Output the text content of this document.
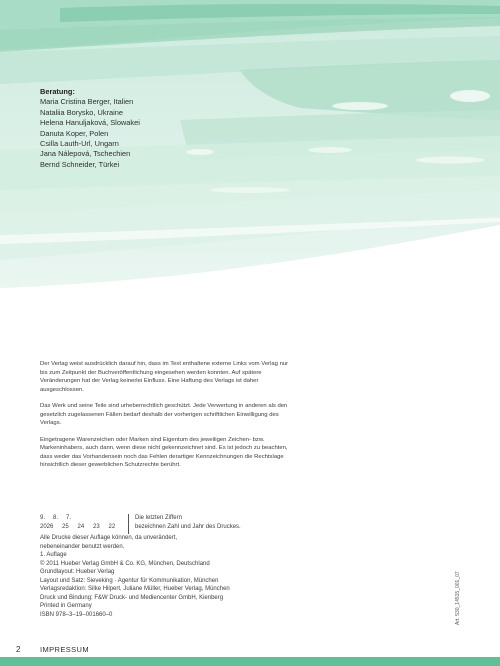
Beratung:
Maria Cristina Berger, Italien
Nataliia Borysko, Ukraine
Helena Hanuljaková, Slowakei
Danuta Koper, Polen
Csilla Lauth-Url, Ungarn
Jana Nálepová, Tschechien
Bernd Schneider, Türkei

Der Verlag weist ausdrücklich darauf hin, dass im Text enthaltene externe Links vom Verlag nur bis zum Zeitpunkt der Buchveröffentlichung eingesehen werden konnten. Auf spätere Veränderungen hat der Verlag keinerlei Einfluss. Eine Haftung des Verlags ist daher ausgeschlossen.

Das Werk und seine Teile sind urheberrechtlich geschützt. Jede Verwertung in anderen als den gesetzlich zugelassenen Fällen bedarf deshalb der vorherigen schriftlichen Einwilligung des Verlags.

Eingetragene Warenzeichen oder Marken sind Eigentum des jeweiligen Zeichen- bzw. Markeninhabers, auch dann, wenn diese nicht gekennzeichnet sind. Es ist jedoch zu beachten, dass weder das Vorhandensein noch das Fehlen derartiger Kennzeichnungen die Rechtslage hinsichtlich dieser gewerblichen Schutzrechte berührt.

9.	8.	7.
2026	25	24	23	22
Die letzten Ziffern
bezeichnen Zahl und Jahr des Druckes.
Alle Drucke dieser Auflage können, da unverändert,
nebeneinander benutzt werden.
1. Auflage
© 2011 Hueber Verlag GmbH & Co. KG, München, Deutschland
Grundlayout: Hueber Verlag
Layout und Satz: Sieveking · Agentur für Kommunikation, München
Verlagsredaktion: Silke Hilpert, Juliane Müller, Hueber Verlag, München
Druck und Bindung: F&W Druck- und Mediencenter GmbH, Kienberg
Printed in Germany
ISBN 978–3–19–001660–0	Art. 530_14515_001_07
2	IMPRESSUM
